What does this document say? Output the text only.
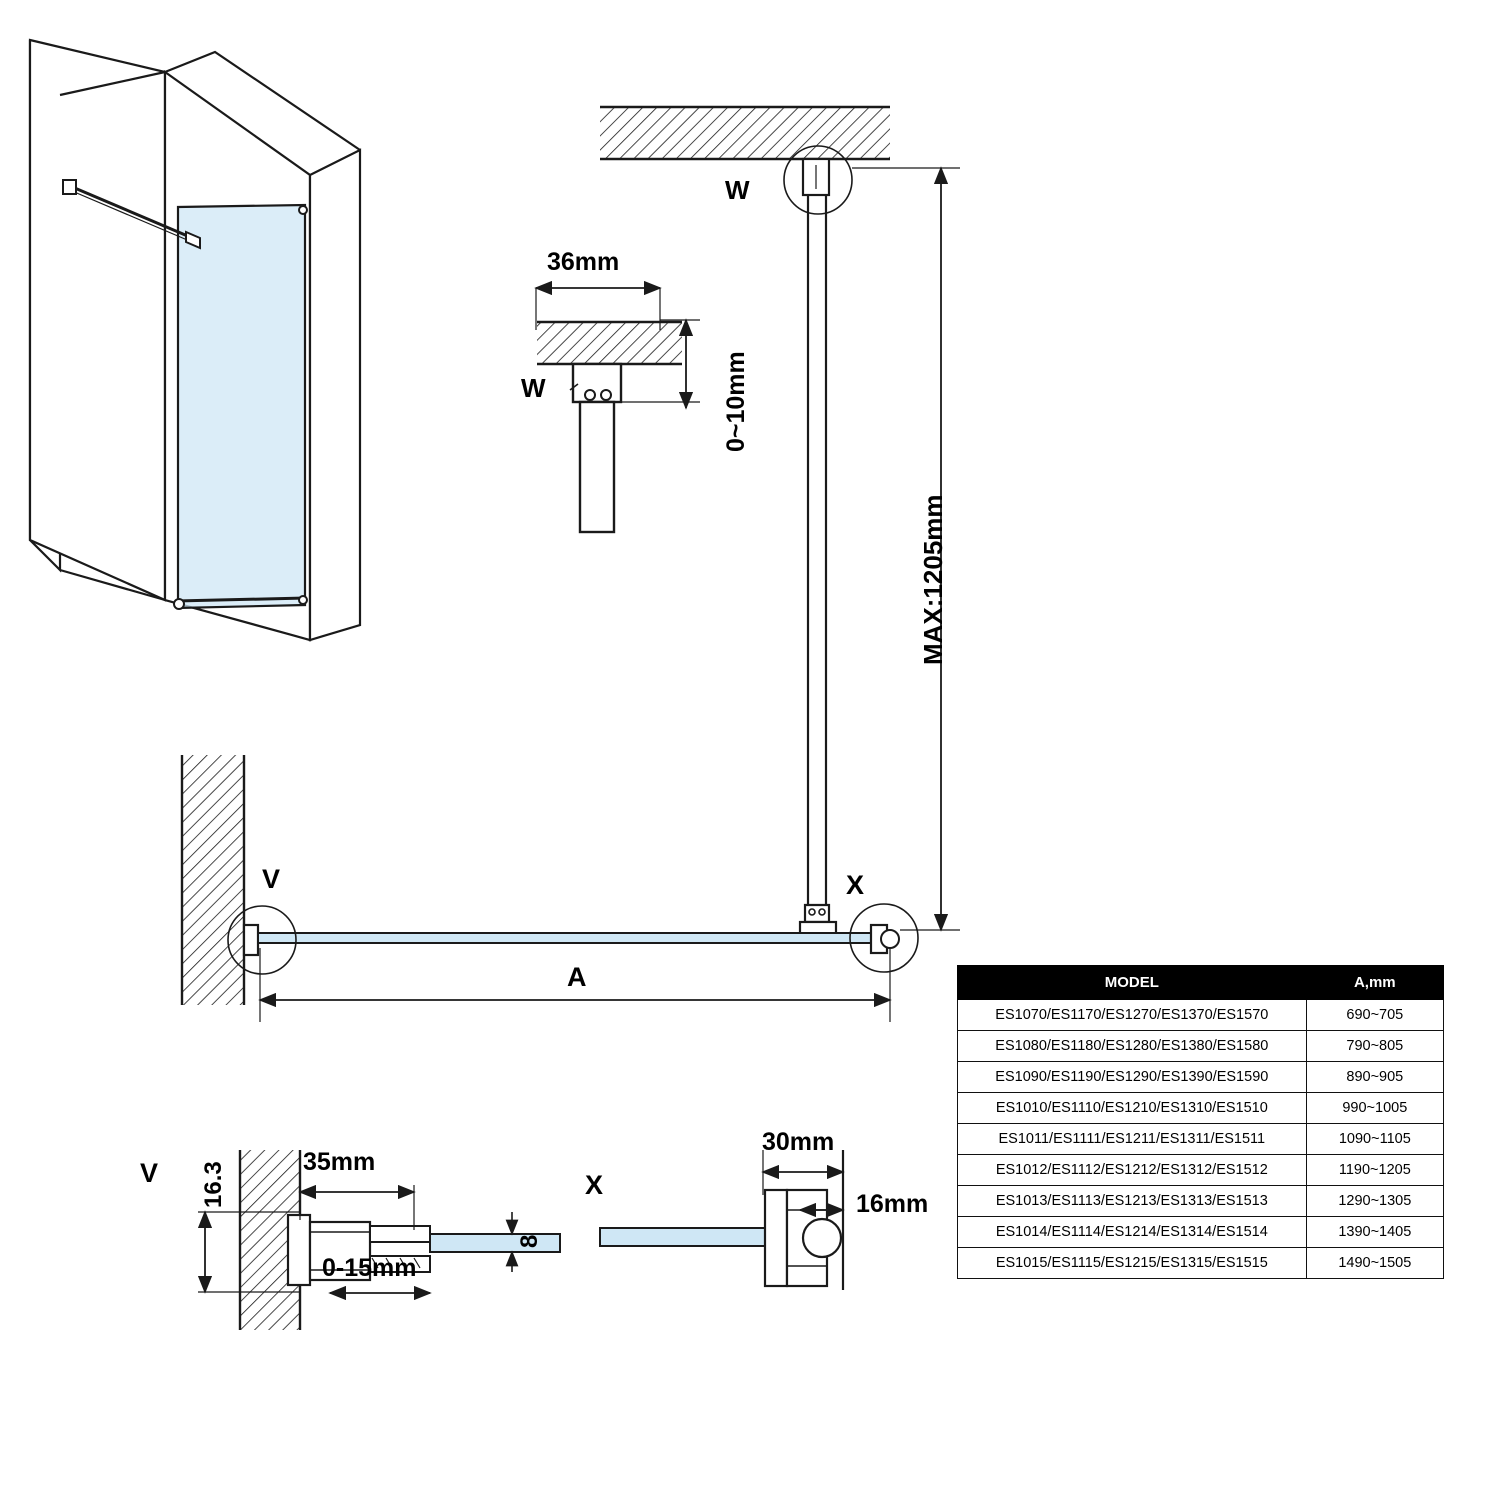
W
W
36mm
0~10mm
MAX:1205mm
V	X
A
V 16.3	35mm
0-15mm
8
X
30mm
16mm
MODEL	A,mm
ES1070/ES1170/ES1270/ES1370/ES1570	690~705
ES1080/ES1180/ES1280/ES1380/ES1580	790~805
ES1090/ES1190/ES1290/ES1390/ES1590	890~905
ES1010/ES1110/ES1210/ES1310/ES1510	990~1005
ES1011/ES1111/ES1211/ES1311/ES1511	1090~1105
ES1012/ES1112/ES1212/ES1312/ES1512	1190~1205
ES1013/ES1113/ES1213/ES1313/ES1513	1290~1305
ES1014/ES1114/ES1214/ES1314/ES1514	1390~1405
ES1015/ES1115/ES1215/ES1315/ES1515	1490~1505
